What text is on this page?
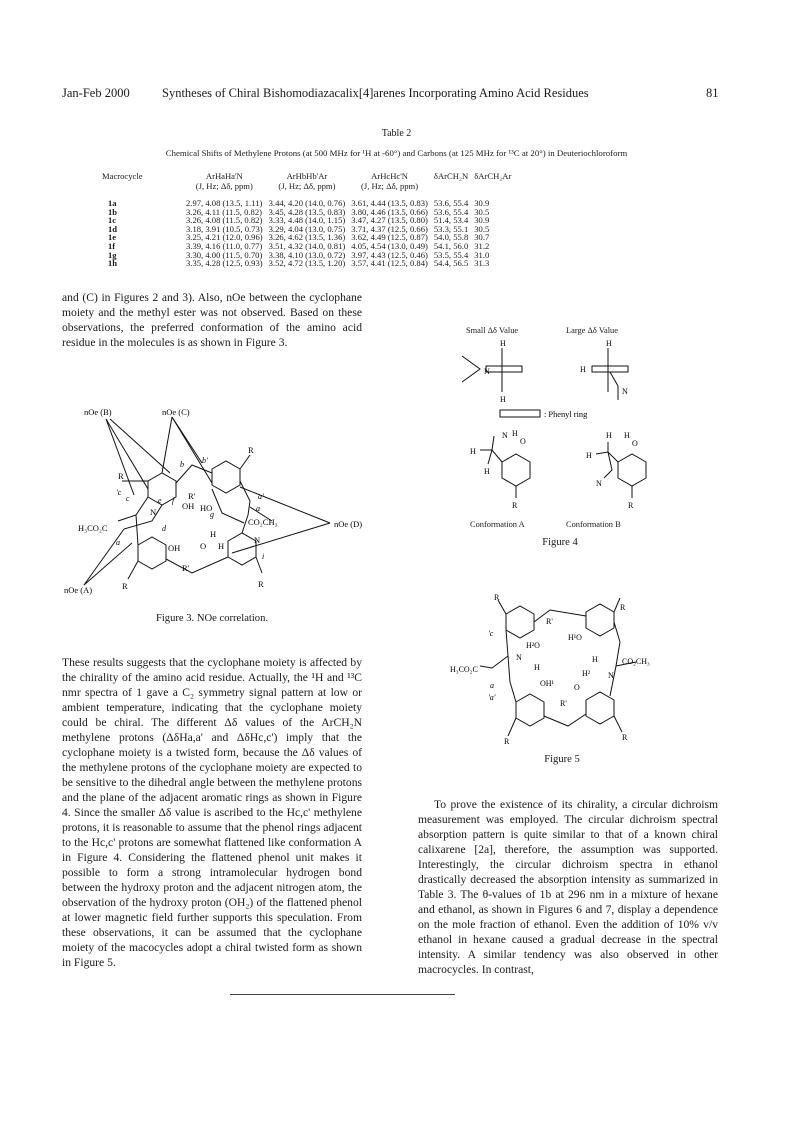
Jan-Feb 2000	Syntheses of Chiral Bishomodiazacalix[4]arenes Incorporating Amino Acid Residues	81
Table 2
Chemical Shifts of Methylene Protons (at 500 MHz for ¹H at -60°) and Carbons (at 125 MHz for ¹³C at 20°) in Deuteriochloroform
Macrocycle	ArHaHa'N	ArHbHb'Ar	ArHcHc'N	δArCH₂N	δArCH₂Ar
	(J, Hz; Δδ, ppm)	(J, Hz; Δδ, ppm)	(J, Hz; Δδ, ppm)		

1a	2.97, 4.08 (13.5, 1.11)	3.44, 4.20 (14.0, 0.76)	3.61, 4.44 (13.5, 0.83)	53.6, 55.4	30.9
1b	3.26, 4.11 (11.5, 0.82)	3.45, 4.28 (13.5, 0.83)	3.80, 4.46 (13.5, 0.66)	53.6, 55.4	30.5
1c	3.26, 4.08 (11.5, 0.82)	3.33, 4.48 (14.0, 1.15)	3.47, 4.27 (13.5, 0.80)	51.4, 53.4	30.9
1d	3.18, 3.91 (10.5, 0.73)	3.29, 4.04 (13.0, 0.75)	3.71, 4.37 (12.5, 0.66)	53.3, 55.1	30.5
1e	3.25, 4.21 (12.0, 0.96)	3.26, 4.62 (13.5, 1.36)	3.62, 4.49 (12.5, 0.87)	54.0, 55.8	30.7
1f	3.39, 4.16 (11.0, 0.77)	3.51, 4.32 (14.0, 0.81)	4.05, 4.54 (13.0, 0.49)	54.1, 56.0	31.2
1g	3.30, 4.00 (11.5, 0.70)	3.38, 4.10 (13.0, 0.72)	3.97, 4.43 (12.5, 0.46)	53.5, 55.4	31.0
1h	3.35, 4.28 (12.5, 0.93)	3.52, 4.72 (13.5, 1.20)	3.57, 4.41 (12.5, 0.84)	54.4, 56.5	31.3

and (C) in Figures 2 and 3). Also, nOe between the cyclophane moiety and the methyl ester was not observed. Based on these observations, the preferred conformation of the amino acid residue in the molecules is as shown in Figure 3.

nOe (B)	nOe (C)
nOe (D)
nOe (A)
R
R
R	R
R'
R'
OH HO
OH
N
N
H
H
O
CO₂CH₃
H₃CO₂C
e f
b b'
'c
c
d
a
a'
a
g
i
Figure 3. NOe correlation.

These results suggests that the cyclophane moiety is affected by the chirality of the amino acid residue. Actually, the ¹H and ¹³C nmr spectra of 1 gave a C₂ symmetry signal pattern at low or ambient temperature, indicating that the cyclophane moiety could be chiral. The different Δδ values of the ArCH₂N methylene protons (ΔδHa,a' and ΔδHc,c') imply that the cyclophane moiety is a twisted form, because the Δδ values of the methylene protons of the cyclophane moiety are expected to be sensitive to the dihedral angle between the methylene protons and the plane of the adjacent aromatic rings as shown in Figure 4. Since the smaller Δδ value is ascribed to the Hc,c' methylene protons, it is reasonable to assume that the phenol rings adjacent to the Hc,c' protons are somewhat flattened like conformation A in Figure 4. Considering the flattened phenol unit makes it possible to form a strong intramolecular hydrogen bond between the hydroxy proton and the adjacent nitrogen atom, the observation of the hydroxy proton (OH₂) of the flattened phenol at lower magnetic field further supports this speculation. From these observations, it can be assumed that the cyclophane moiety of the macocycles adopt a chiral twisted form as shown in Figure 5.

Small Δδ Value	Large Δδ Value
N
H
H
H
H
N
: Phenyl ring
N H
O
H
H
R
H
O
H
H
N
R
Conformation A	Conformation B
Figure 4
R
R
R	R
R'
R'
H¹O
H²O
OH¹
H²
H
H
O
N
N
CO₂CH₃
H₃CO₂C
'c
a
'a'
Figure 5

To prove the existence of its chirality, a circular dichroism measurement was employed. The circular dichroism spectral absorption pattern is quite similar to that of a known chiral calixarene [2a], therefore, the assumption was supported. Interestingly, the circular dichroism spectra in ethanol drastically decreased the absorption intensity as summarized in Table 3. The θ-values of 1b at 296 nm in a mixture of hexane and ethanol, as shown in Figures 6 and 7, display a dependence on the mole fraction of ethanol. Even the addition of 10% v/v ethanol in hexane caused a gradual decrease in the spectral intensity. A similar tendency was also observed in other macrocycles. In contrast,
